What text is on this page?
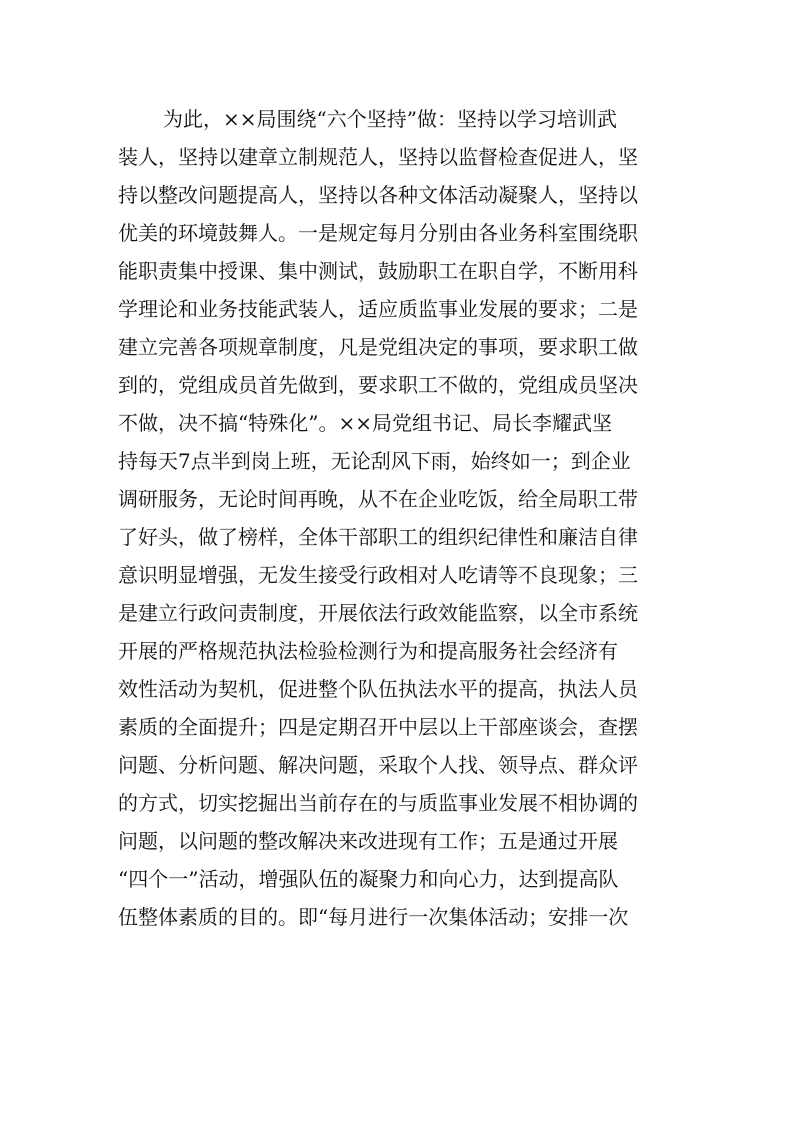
为此，××局围绕“六个坚持”做：坚持以学习培训武
装人，坚持以建章立制规范人，坚持以监督检查促进人，坚
持以整改问题提高人，坚持以各种文体活动凝聚人，坚持以
优美的环境鼓舞人。一是规定每月分别由各业务科室围绕职
能职责集中授课、集中测试，鼓励职工在职自学，不断用科
学理论和业务技能武装人，适应质监事业发展的要求；二是
建立完善各项规章制度，凡是党组决定的事项，要求职工做
到的，党组成员首先做到，要求职工不做的，党组成员坚决
不做，决不搞“特殊化”。××局党组书记、局长李耀武坚
持每天7点半到岗上班，无论刮风下雨，始终如一；到企业
调研服务，无论时间再晚，从不在企业吃饭，给全局职工带
了好头，做了榜样，全体干部职工的组织纪律性和廉洁自律
意识明显增强，无发生接受行政相对人吃请等不良现象；三
是建立行政问责制度，开展依法行政效能监察，以全市系统
开展的严格规范执法检验检测行为和提高服务社会经济有
效性活动为契机，促进整个队伍执法水平的提高，执法人员
素质的全面提升；四是定期召开中层以上干部座谈会，查摆
问题、分析问题、解决问题，采取个人找、领导点、群众评
的方式，切实挖掘出当前存在的与质监事业发展不相协调的
问题，以问题的整改解决来改进现有工作；五是通过开展
“四个一”活动，增强队伍的凝聚力和向心力，达到提高队
伍整体素质的目的。即“每月进行一次集体活动；安排一次
